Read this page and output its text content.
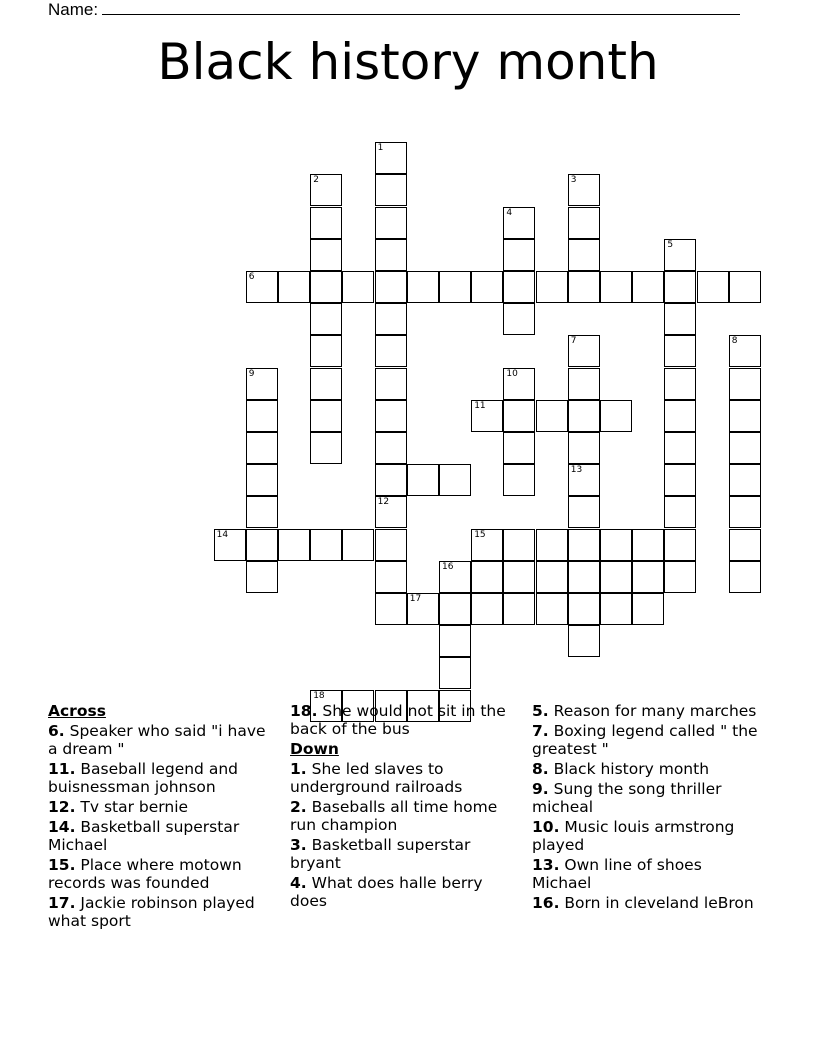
Name:
Black history month
1
12
2	3
4
5
6
7	8
9	10
11
13
14	15
16
17
18
Across
6. Speaker who said "i have a dream "
11. Baseball legend and buisnessman johnson
12. Tv star bernie
14. Basketball superstar Michael
15. Place where motown records was founded
17. Jackie robinson played what sport
18. She would not sit in the back of the bus
Down
1. She led slaves to underground railroads
2. Baseballs all time home run champion
3. Basketball superstar bryant
4. What does halle berry does
5. Reason for many marches
7. Boxing legend called " the greatest "
8. Black history month
9. Sung the song thriller micheal
10. Music louis armstrong played
13. Own line of shoes Michael
16. Born in cleveland leBron
